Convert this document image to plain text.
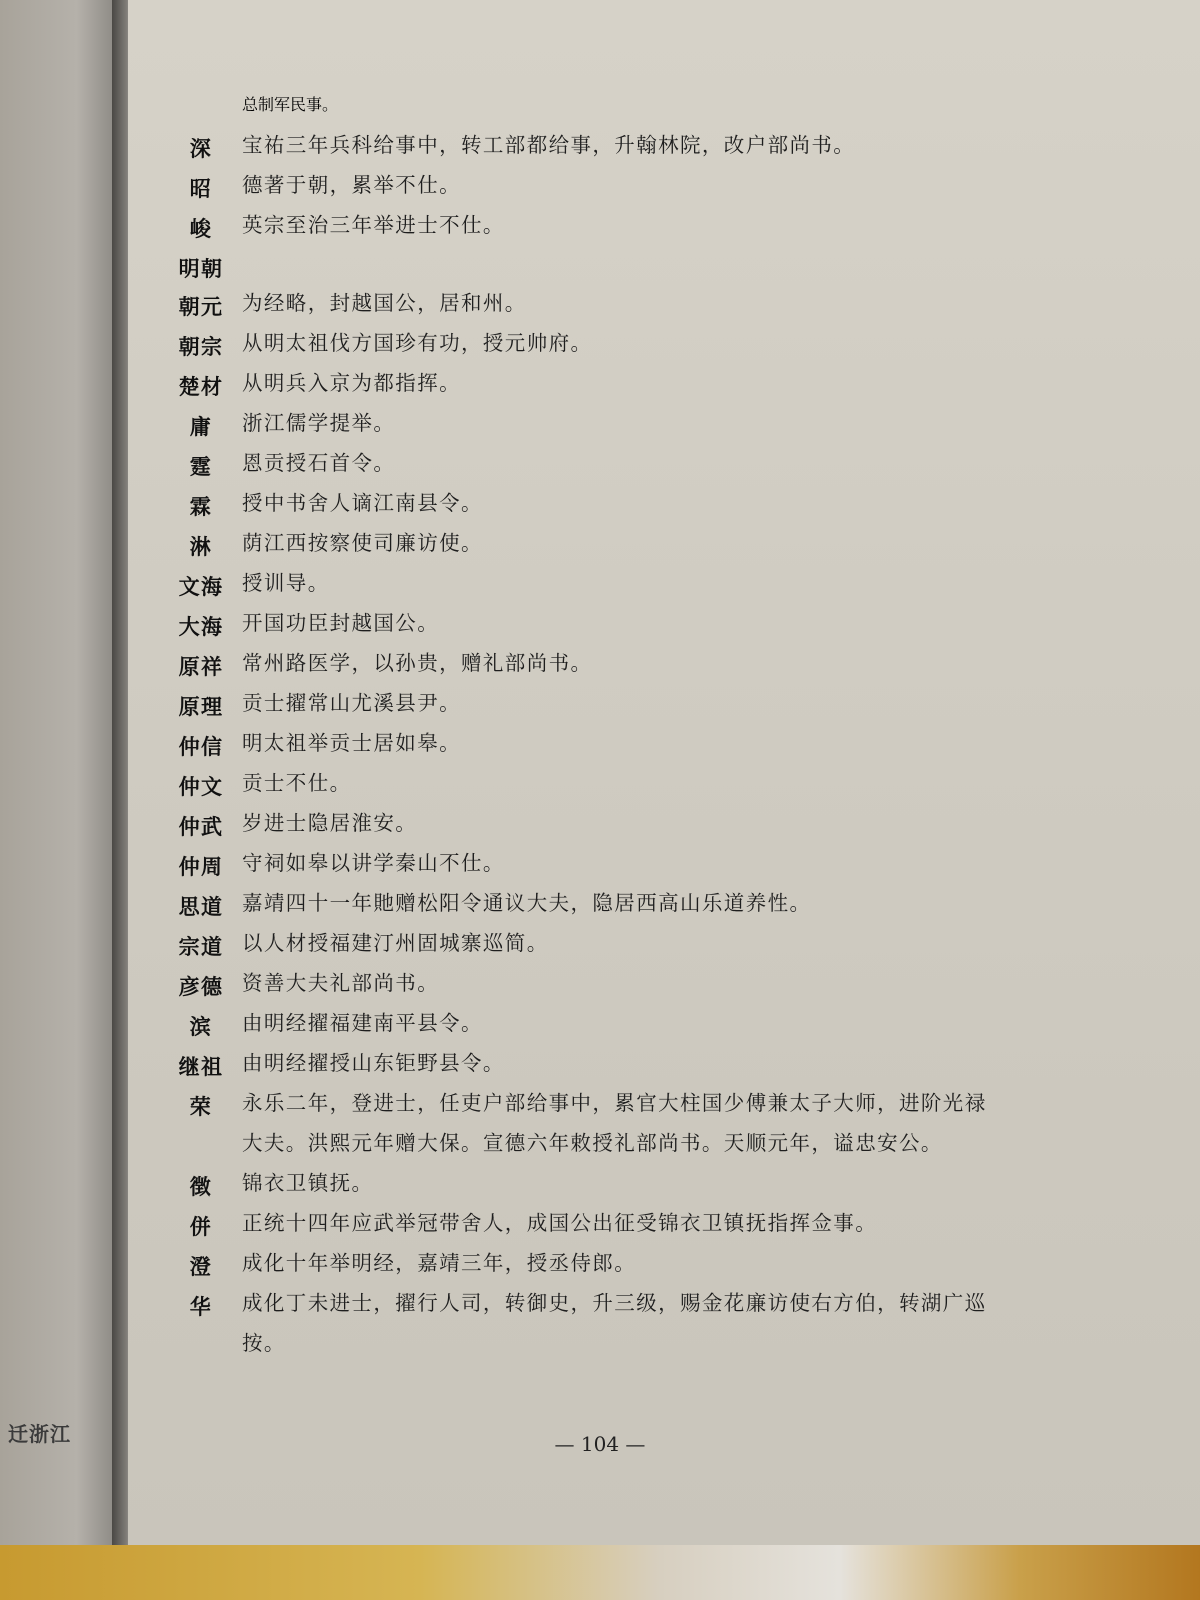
迁浙江
总制军民事。
深	宝祐三年兵科给事中，转工部都给事，升翰林院，改户部尚书。
昭	德著于朝，累举不仕。
峻	英宗至治三年举进士不仕。
明朝
朝元 为经略，封越国公，居和州。
朝宗 从明太祖伐方国珍有功，授元帅府。
楚材 从明兵入京为都指挥。
庸	浙江儒学提举。
霆	恩贡授石首令。
霖	授中书舍人谪江南县令。
淋	荫江西按察使司廉访使。
文海 授训导。
大海 开国功臣封越国公。
原祥 常州路医学，以孙贵，赠礼部尚书。
原理 贡士擢常山尤溪县尹。
仲信 明太祖举贡士居如皋。
仲文 贡士不仕。
仲武 岁进士隐居淮安。
仲周 守祠如皋以讲学秦山不仕。
思道 嘉靖四十一年貤赠松阳令通议大夫，隐居西高山乐道养性。
宗道 以人材授福建汀州固城寨巡简。
彦德 资善大夫礼部尚书。
滨	由明经擢福建南平县令。
继祖 由明经擢授山东钜野县令。
荣	永乐二年，登进士，任吏户部给事中，累官大柱国少傅兼太子大师，进阶光禄
大夫。洪熙元年赠大保。宣德六年敕授礼部尚书。天顺元年，谥忠安公。
徴	锦衣卫镇抚。
併	正统十四年应武举冠带舍人，成国公出征受锦衣卫镇抚指挥佥事。
澄	成化十年举明经，嘉靖三年，授丞侍郎。
华	成化丁未进士，擢行人司，转御史，升三级，赐金花廉访使右方伯，转湖广巡
按。
— 104 —
